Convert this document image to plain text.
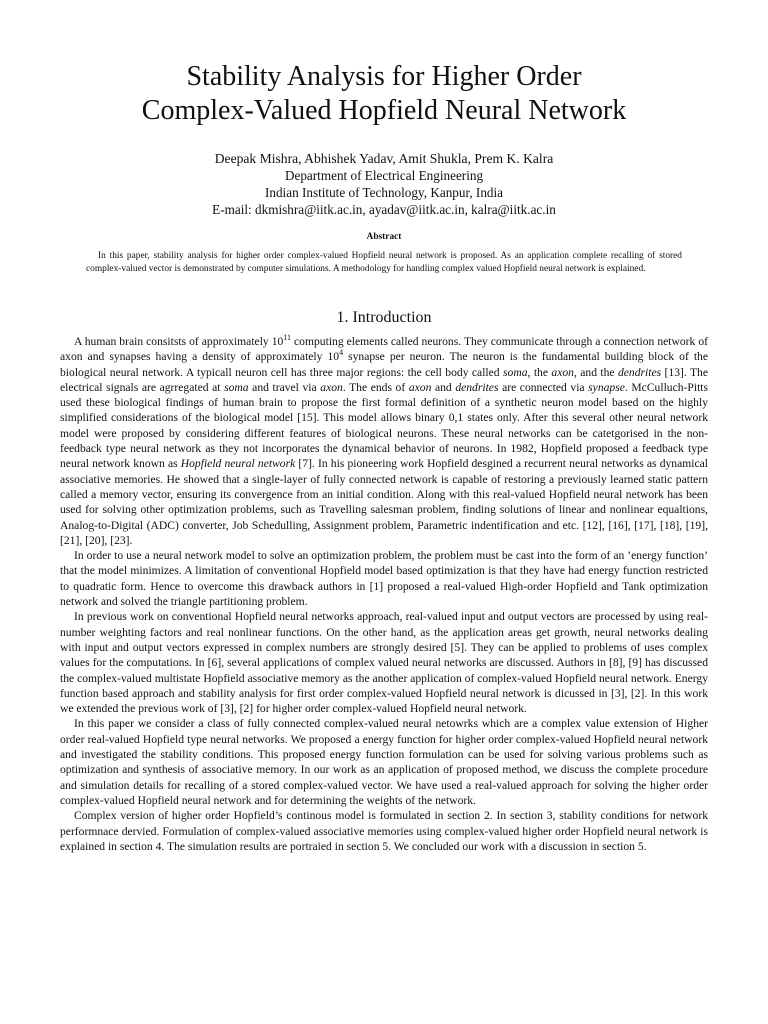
Stability Analysis for Higher Order
Complex-Valued Hopfield Neural Network
Deepak Mishra, Abhishek Yadav, Amit Shukla, Prem K. Kalra
Department of Electrical Engineering
Indian Institute of Technology, Kanpur, India
E-mail: dkmishra@iitk.ac.in, ayadav@iitk.ac.in, kalra@iitk.ac.in
Abstract
In this paper, stability analysis for higher order complex-valued Hopfield neural network is proposed. As an application complete recalling of stored complex-valued vector is demonstrated by computer simulations. A methodology for handling complex valued Hopfield neural network is explained.
1. Introduction

A human brain consitsts of approximately $10^{11}$ computing elements called neurons. They communicate through a connection network of axon and synapses having a density of approximately $10^4$ synapse per neuron. The neuron is the fundamental building block of the biological neural network. A typicall neuron cell has three major regions: the cell body called soma, the axon, and the dendrites [13]. The electrical signals are agrregated at soma and travel via axon. The ends of axon and dendrites are connected via synapse. McCulluch-Pitts used these biological findings of human brain to propose the first formal definition of a synthetic neuron model based on the highly simplified considerations of the biological model [15]. This model allows binary 0,1 states only. After this several other neural network model were proposed by considering different features of biological neurons. These neural networks can be catetgorised in the non-feedback type neural network as they not incorporates the dynamical behavior of neurons. In 1982, Hopfield proposed a feedback type neural network known as Hopfield neural network [7]. In his pioneering work Hopfield desgined a recurrent neural networks as dynamical associative memories. He showed that a single-layer of fully connected network is capable of restoring a previously learned static pattern called a memory vector, ensuring its convergence from an initial condition. Along with this real-valued Hopfield neural network has been used for solving other optimization problems, such as Travelling salesman problem, finding solutions of linear and nonlinear equaltions, Analog-to-Digital (ADC) converter, Job Schedulling, Assignment problem, Parametric indentification and etc. [12], [16], [17], [18], [19], [21], [20], [23].

In order to use a neural network model to solve an optimization problem, the problem must be cast into the form of an ’energy function’ that the model minimizes. A limitation of conventional Hopfield model based optimization is that they have had energy function restricted to quadratic form. Hence to overcome this drawback authors in [1] proposed a real-valued High-order Hopfield and Tank optimization network and solved the triangle partitioning problem.

In previous work on conventional Hopfield neural networks approach, real-valued input and output vectors are processed by using real-number weighting factors and real nonlinear functions. On the other hand, as the application areas get growth, neural networks dealing with input and output vectors expressed in complex numbers are strongly desired [5]. They can be applied to problems of uses complex values for the computations. In [6], several applications of complex valued neural networks are discussed. Authors in [8], [9] has discussed the complex-valued multistate Hopfield associative memory as the another application of complex-valued Hopfield neural network. Energy function based approach and stability analysis for first order complex-valued Hopfield neural network is dicussed in [3], [2]. In this work we extended the previous work of [3], [2] for higher order complex-valued Hopfield neural network.

In this paper we consider a class of fully connected complex-valued neural netowrks which are a complex value extension of Higher order real-valued Hopfield type neural networks. We proposed a energy function for higher order complex-valued Hopfield neural network and investigated the stability conditions. This proposed energy function formulation can be used for solving various problems such as optimization and synthesis of associative memory. In our work as an application of proposed method, we discuss the complete procedure and simulation details for recalling of a stored complex-valued vector. We have used a real-valued approach for solving the higher order complex-valued Hopfield neural network and for determining the weights of the network.

Complex version of higher order Hopfield’s continous model is formulated in section 2. In section 3, stability conditions for network performnace dervied. Formulation of complex-valued associative memories using complex-valued higher order Hopfield neural network is explained in section 4. The simulation results are portraied in section 5. We concluded our work with a discussion in section 5.
